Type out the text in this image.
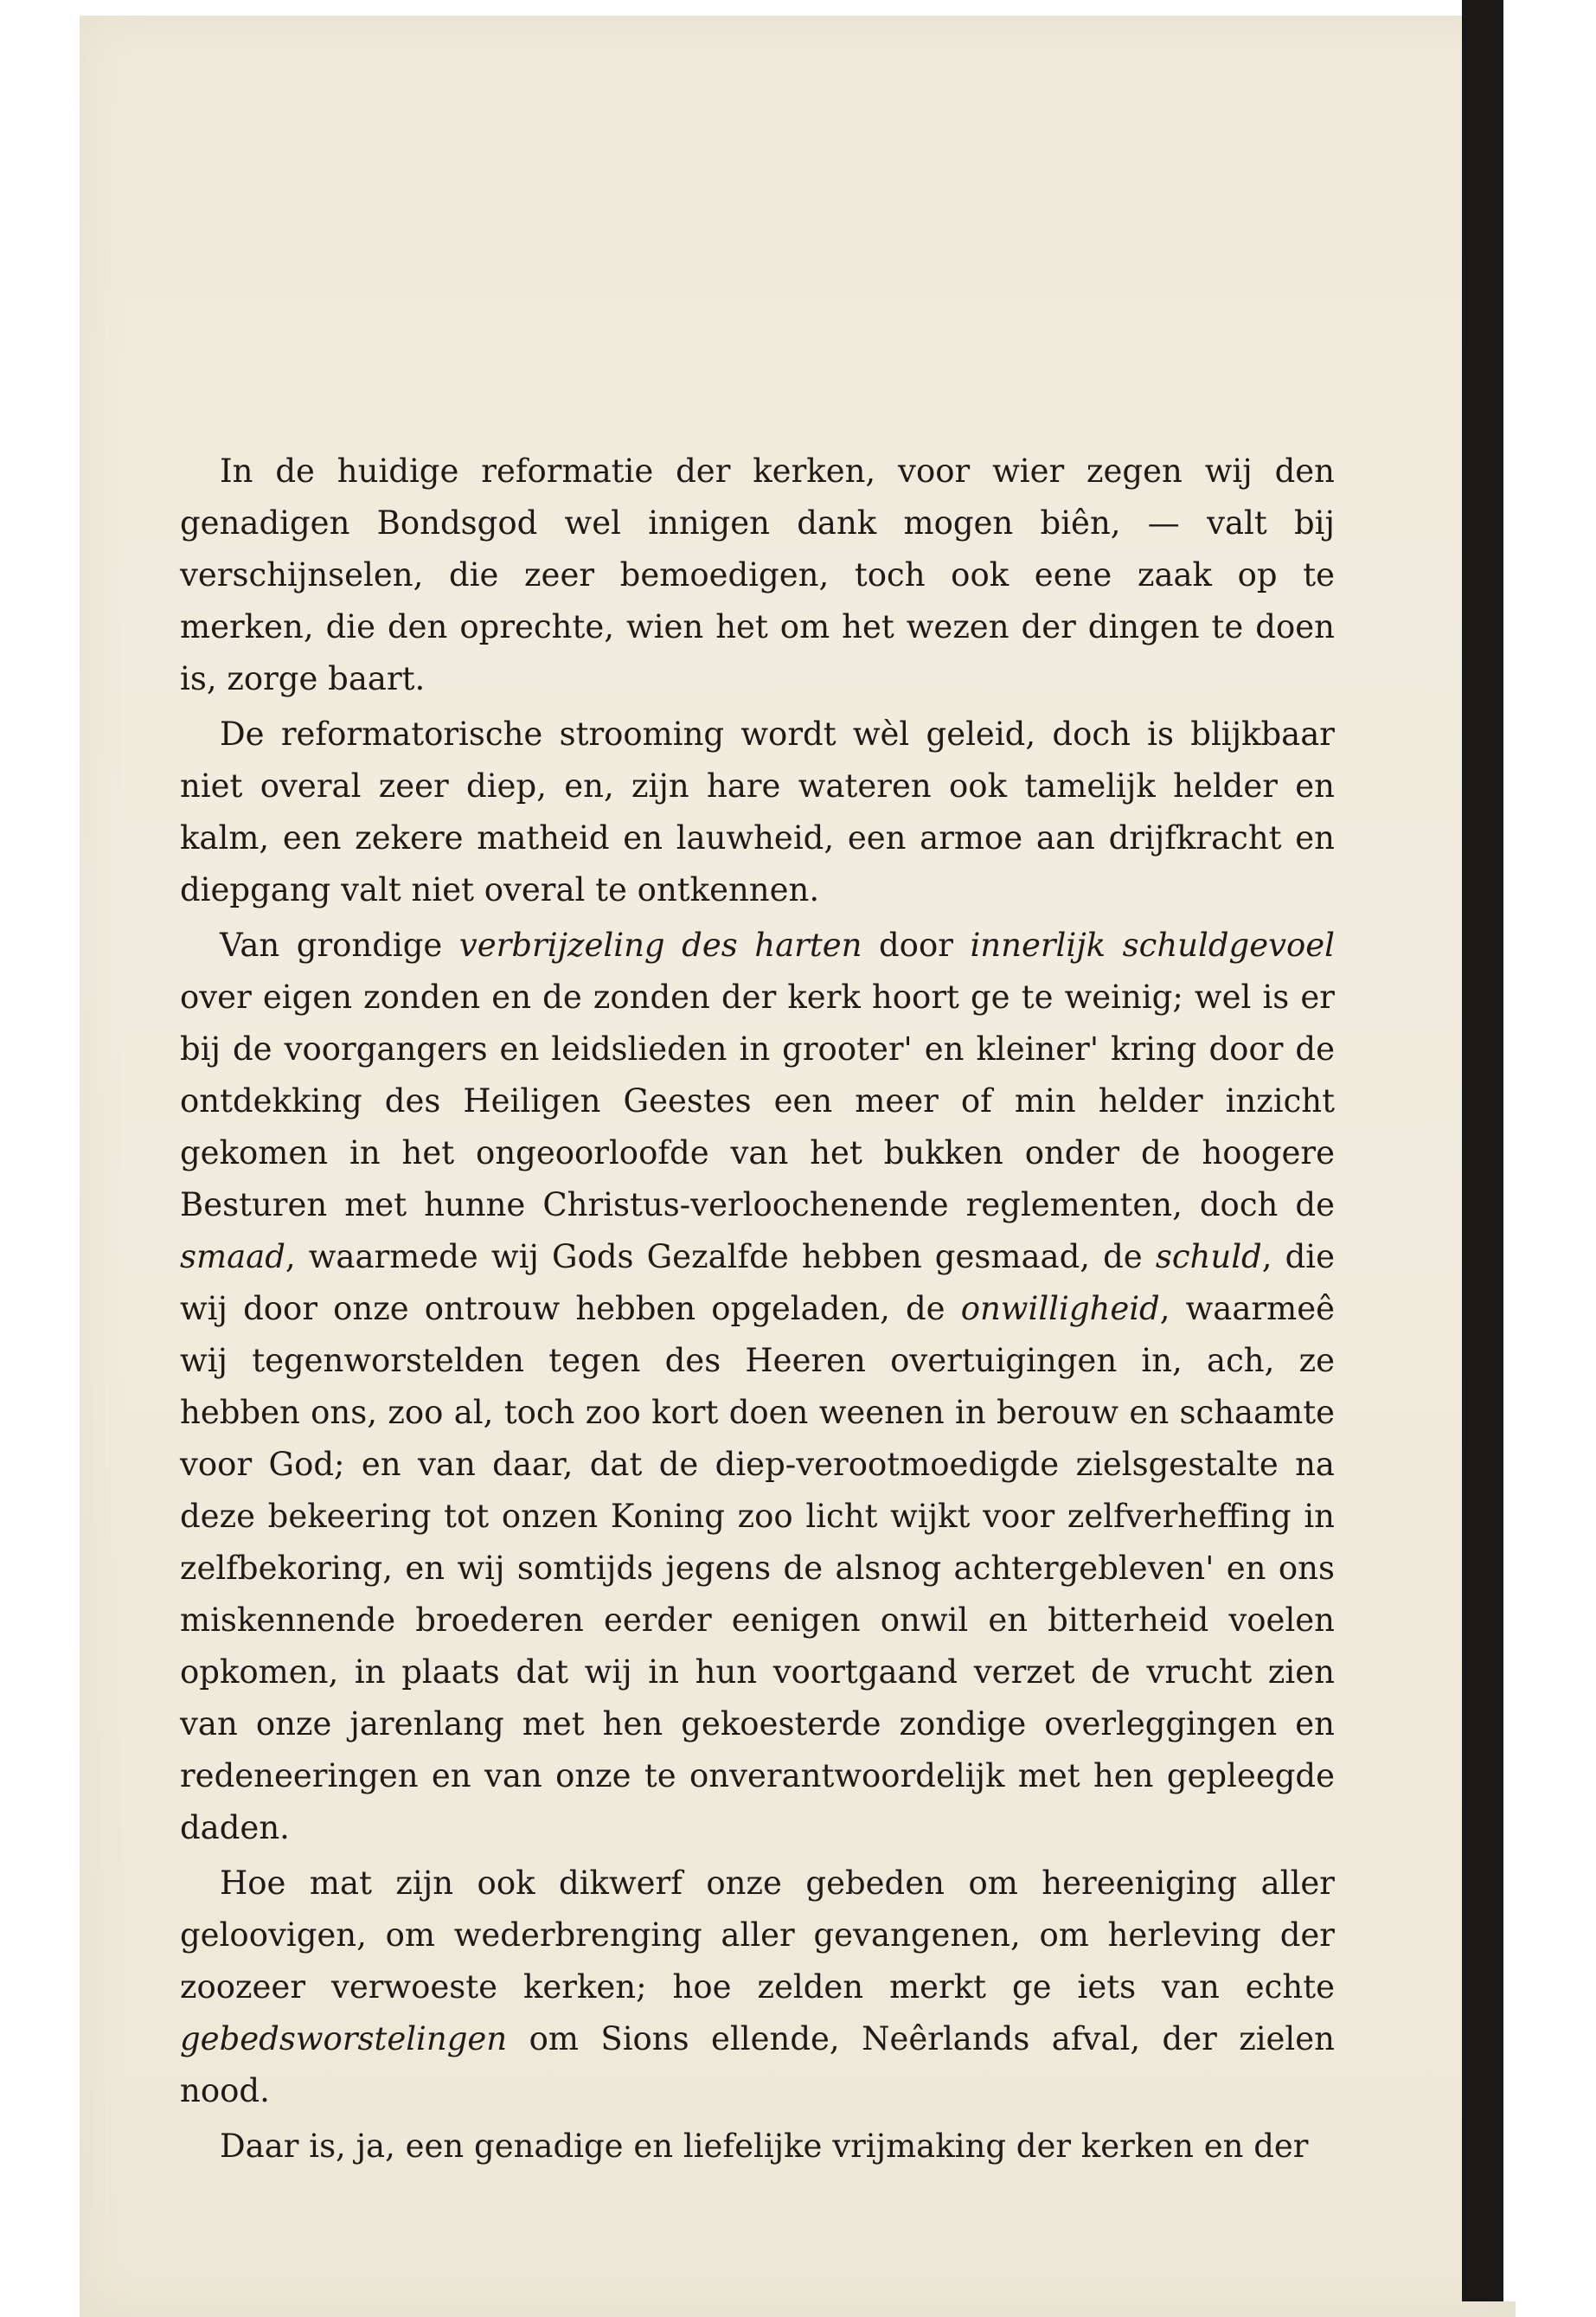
In de huidige reformatie der kerken, voor wier zegen wij den genadigen Bondsgod wel innigen dank mogen biên, — valt bij verschijnselen, die zeer bemoedigen, toch ook eene zaak op te merken, die den oprechte, wien het om het wezen der dingen te doen is, zorge baart.

De reformatorische strooming wordt wèl geleid, doch is blijkbaar niet overal zeer diep, en, zijn hare wateren ook tamelijk helder en kalm, een zekere matheid en lauwheid, een armoe aan drijfkracht en diepgang valt niet overal te ontkennen.

Van grondige verbrijzeling des harten door innerlijk schuldgevoel over eigen zonden en de zonden der kerk hoort ge te weinig; wel is er bij de voorgangers en leidslieden in grooter' en kleiner' kring door de ontdekking des Heiligen Geestes een meer of min helder inzicht gekomen in het ongeoorloofde van het bukken onder de hoogere Besturen met hunne Christus-verloochenende reglementen, doch de smaad, waarmede wij Gods Gezalfde hebben gesmaad, de schuld, die wij door onze ontrouw hebben opgeladen, de onwilligheid, waarmeê wij tegenworstelden tegen des Heeren overtuigingen in, ach, ze hebben ons, zoo al, toch zoo kort doen weenen in berouw en schaamte voor God; en van daar, dat de diep-verootmoedigde zielsgestalte na deze bekeering tot onzen Koning zoo licht wijkt voor zelfverheffing in zelfbekoring, en wij somtijds jegens de alsnog achtergebleven' en ons miskennende broederen eerder eenigen onwil en bitterheid voelen opkomen, in plaats dat wij in hun voortgaand verzet de vrucht zien van onze jarenlang met hen gekoesterde zondige overleggingen en redeneeringen en van onze te onverantwoordelijk met hen gepleegde daden.

Hoe mat zijn ook dikwerf onze gebeden om hereeniging aller geloovigen, om wederbrenging aller gevangenen, om herleving der zoozeer verwoeste kerken; hoe zelden merkt ge iets van echte gebedsworstelingen om Sions ellende, Neêrlands afval, der zielen nood.

Daar is, ja, een genadige en liefelijke vrijmaking der kerken en der
